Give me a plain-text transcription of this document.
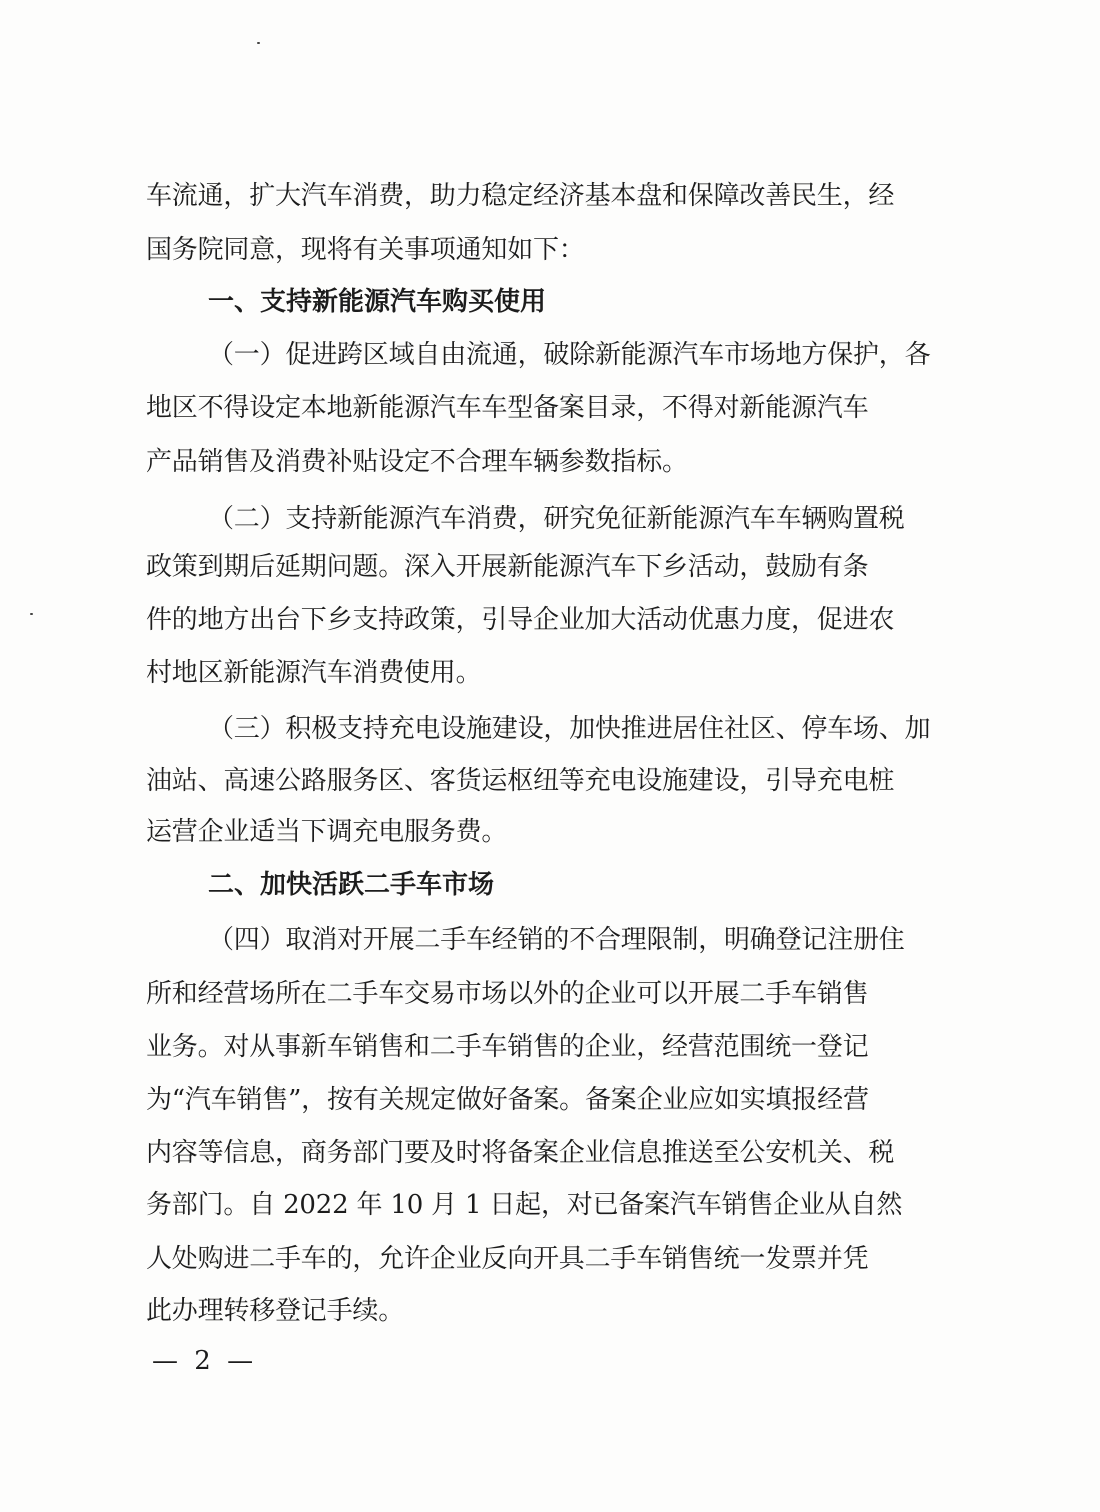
车流通，扩大汽车消费，助力稳定经济基本盘和保障改善民生，经
国务院同意，现将有关事项通知如下：
一、支持新能源汽车购买使用
（一）促进跨区域自由流通，破除新能源汽车市场地方保护，各
地区不得设定本地新能源汽车车型备案目录，不得对新能源汽车
产品销售及消费补贴设定不合理车辆参数指标。
（二）支持新能源汽车消费，研究免征新能源汽车车辆购置税
政策到期后延期问题。深入开展新能源汽车下乡活动，鼓励有条
件的地方出台下乡支持政策，引导企业加大活动优惠力度，促进农
村地区新能源汽车消费使用。
（三）积极支持充电设施建设，加快推进居住社区、停车场、加
油站、高速公路服务区、客货运枢纽等充电设施建设，引导充电桩
运营企业适当下调充电服务费。
二、加快活跃二手车市场
（四）取消对开展二手车经销的不合理限制，明确登记注册住
所和经营场所在二手车交易市场以外的企业可以开展二手车销售
业务。对从事新车销售和二手车销售的企业，经营范围统一登记
为“汽车销售”，按有关规定做好备案。备案企业应如实填报经营
内容等信息，商务部门要及时将备案企业信息推送至公安机关、税
务部门。自 2022 年 10 月 1 日起，对已备案汽车销售企业从自然
人处购进二手车的，允许企业反向开具二手车销售统一发票并凭
此办理转移登记手续。
— 2 —
